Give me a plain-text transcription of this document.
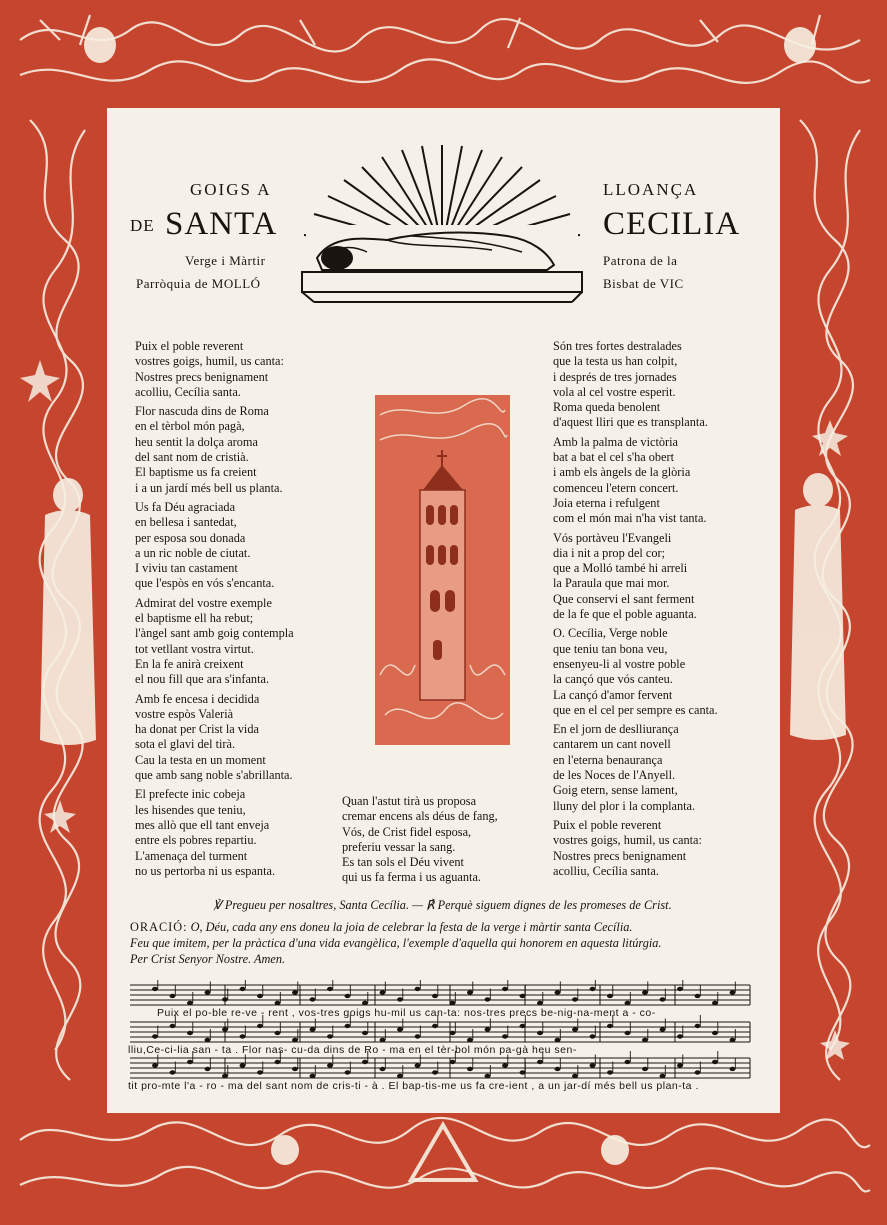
GOIGS A
DE SANTA
Verge i Màrtir
Parròquia de MOLLÓ
LLOANÇA
CECILIA
Patrona de la
Bisbat de VIC
Puix el poble reverent
vostres goigs, humil, us canta:
Nostres precs benignament
acolliu, Cecília santa.
Flor nascuda dins de Roma
en el tèrbol món pagà,
heu sentit la dolça aroma
del sant nom de cristià.
El baptisme us fa creient
i a un jardí més bell us planta.
Us fa Déu agraciada
en bellesa i santedat,
per esposa sou donada
a un ric noble de ciutat.
I viviu tan castament
que l'espòs en vós s'encanta.
Admirat del vostre exemple
el baptisme ell ha rebut;
l'àngel sant amb goig contempla
tot vetllant vostra virtut.
En la fe anirà creixent
el nou fill que ara s'infanta.
Amb fe encesa i decidida
vostre espòs Valerià
ha donat per Crist la vida
sota el glavi del tirà.
Cau la testa en un moment
que amb sang noble s'abrillanta.
El prefecte inic cobeja
les hisendes que teniu,
mes allò que ell tant enveja
entre els pobres repartiu.
L'amenaça del turment
no us pertorba ni us espanta.
Quan l'astut tirà us proposa
cremar encens als déus de fang,
Vós, de Crist fidel esposa,
preferiu vessar la sang.
Es tan sols el Déu vivent
qui us fa ferma i us aguanta.
Són tres fortes destralades
que la testa us han colpit,
i després de tres jornades
vola al cel vostre esperit.
Roma queda benolent
d'aquest lliri que es transplanta.
Amb la palma de victòria
bat a bat el cel s'ha obert
i amb els àngels de la glòria
comenceu l'etern concert.
Joia eterna i refulgent
com el món mai n'ha vist tanta.
Vós portàveu l'Evangeli
dia i nit a prop del cor;
que a Molló també hi arreli
la Paraula que mai mor.
Que conservi el sant ferment
de la fe que el poble aguanta.
O. Cecília, Verge noble
que teniu tan bona veu,
ensenyeu-li al vostre poble
la cançó que vós canteu.
La cançó d'amor fervent
que en el cel per sempre es canta.
En el jorn de deslliurança
cantarem un cant novell
en l'eterna benaurança
de les Noces de l'Anyell.
Goig etern, sense lament,
lluny del plor i la complanta.
Puix el poble reverent
vostres goigs, humil, us canta:
Nostres precs benignament
acolliu, Cecília santa.
℣ Pregueu per nosaltres, Santa Cecília. — ℟ Perquè siguem dignes de les promeses de Crist.
ORACIÓ: O, Déu, cada any ens doneu la joia de celebrar la festa de la verge i màrtir santa Cecília.
Feu que imitem, per la pràctica d'una vida evangèlica, l'exemple d'aquella qui honorem en aquesta litúrgia.
Per Crist Senyor Nostre. Amen.
Puix el po-ble re-ve - rent , vos-tres goigs hu-mil us can-ta: nos-tres precs be-nig-na-ment a - co-
lliu,Ce-ci-lia san - ta . Flor nas- cu-da dins de Ro - ma en el tèr-bol món pa-gà heu sen-
tit pro-mte l'a - ro - ma del sant nom de cris-ti - à . El bap-tis-me us fa cre-ient , a un jar-dí més bell us plan-ta .
